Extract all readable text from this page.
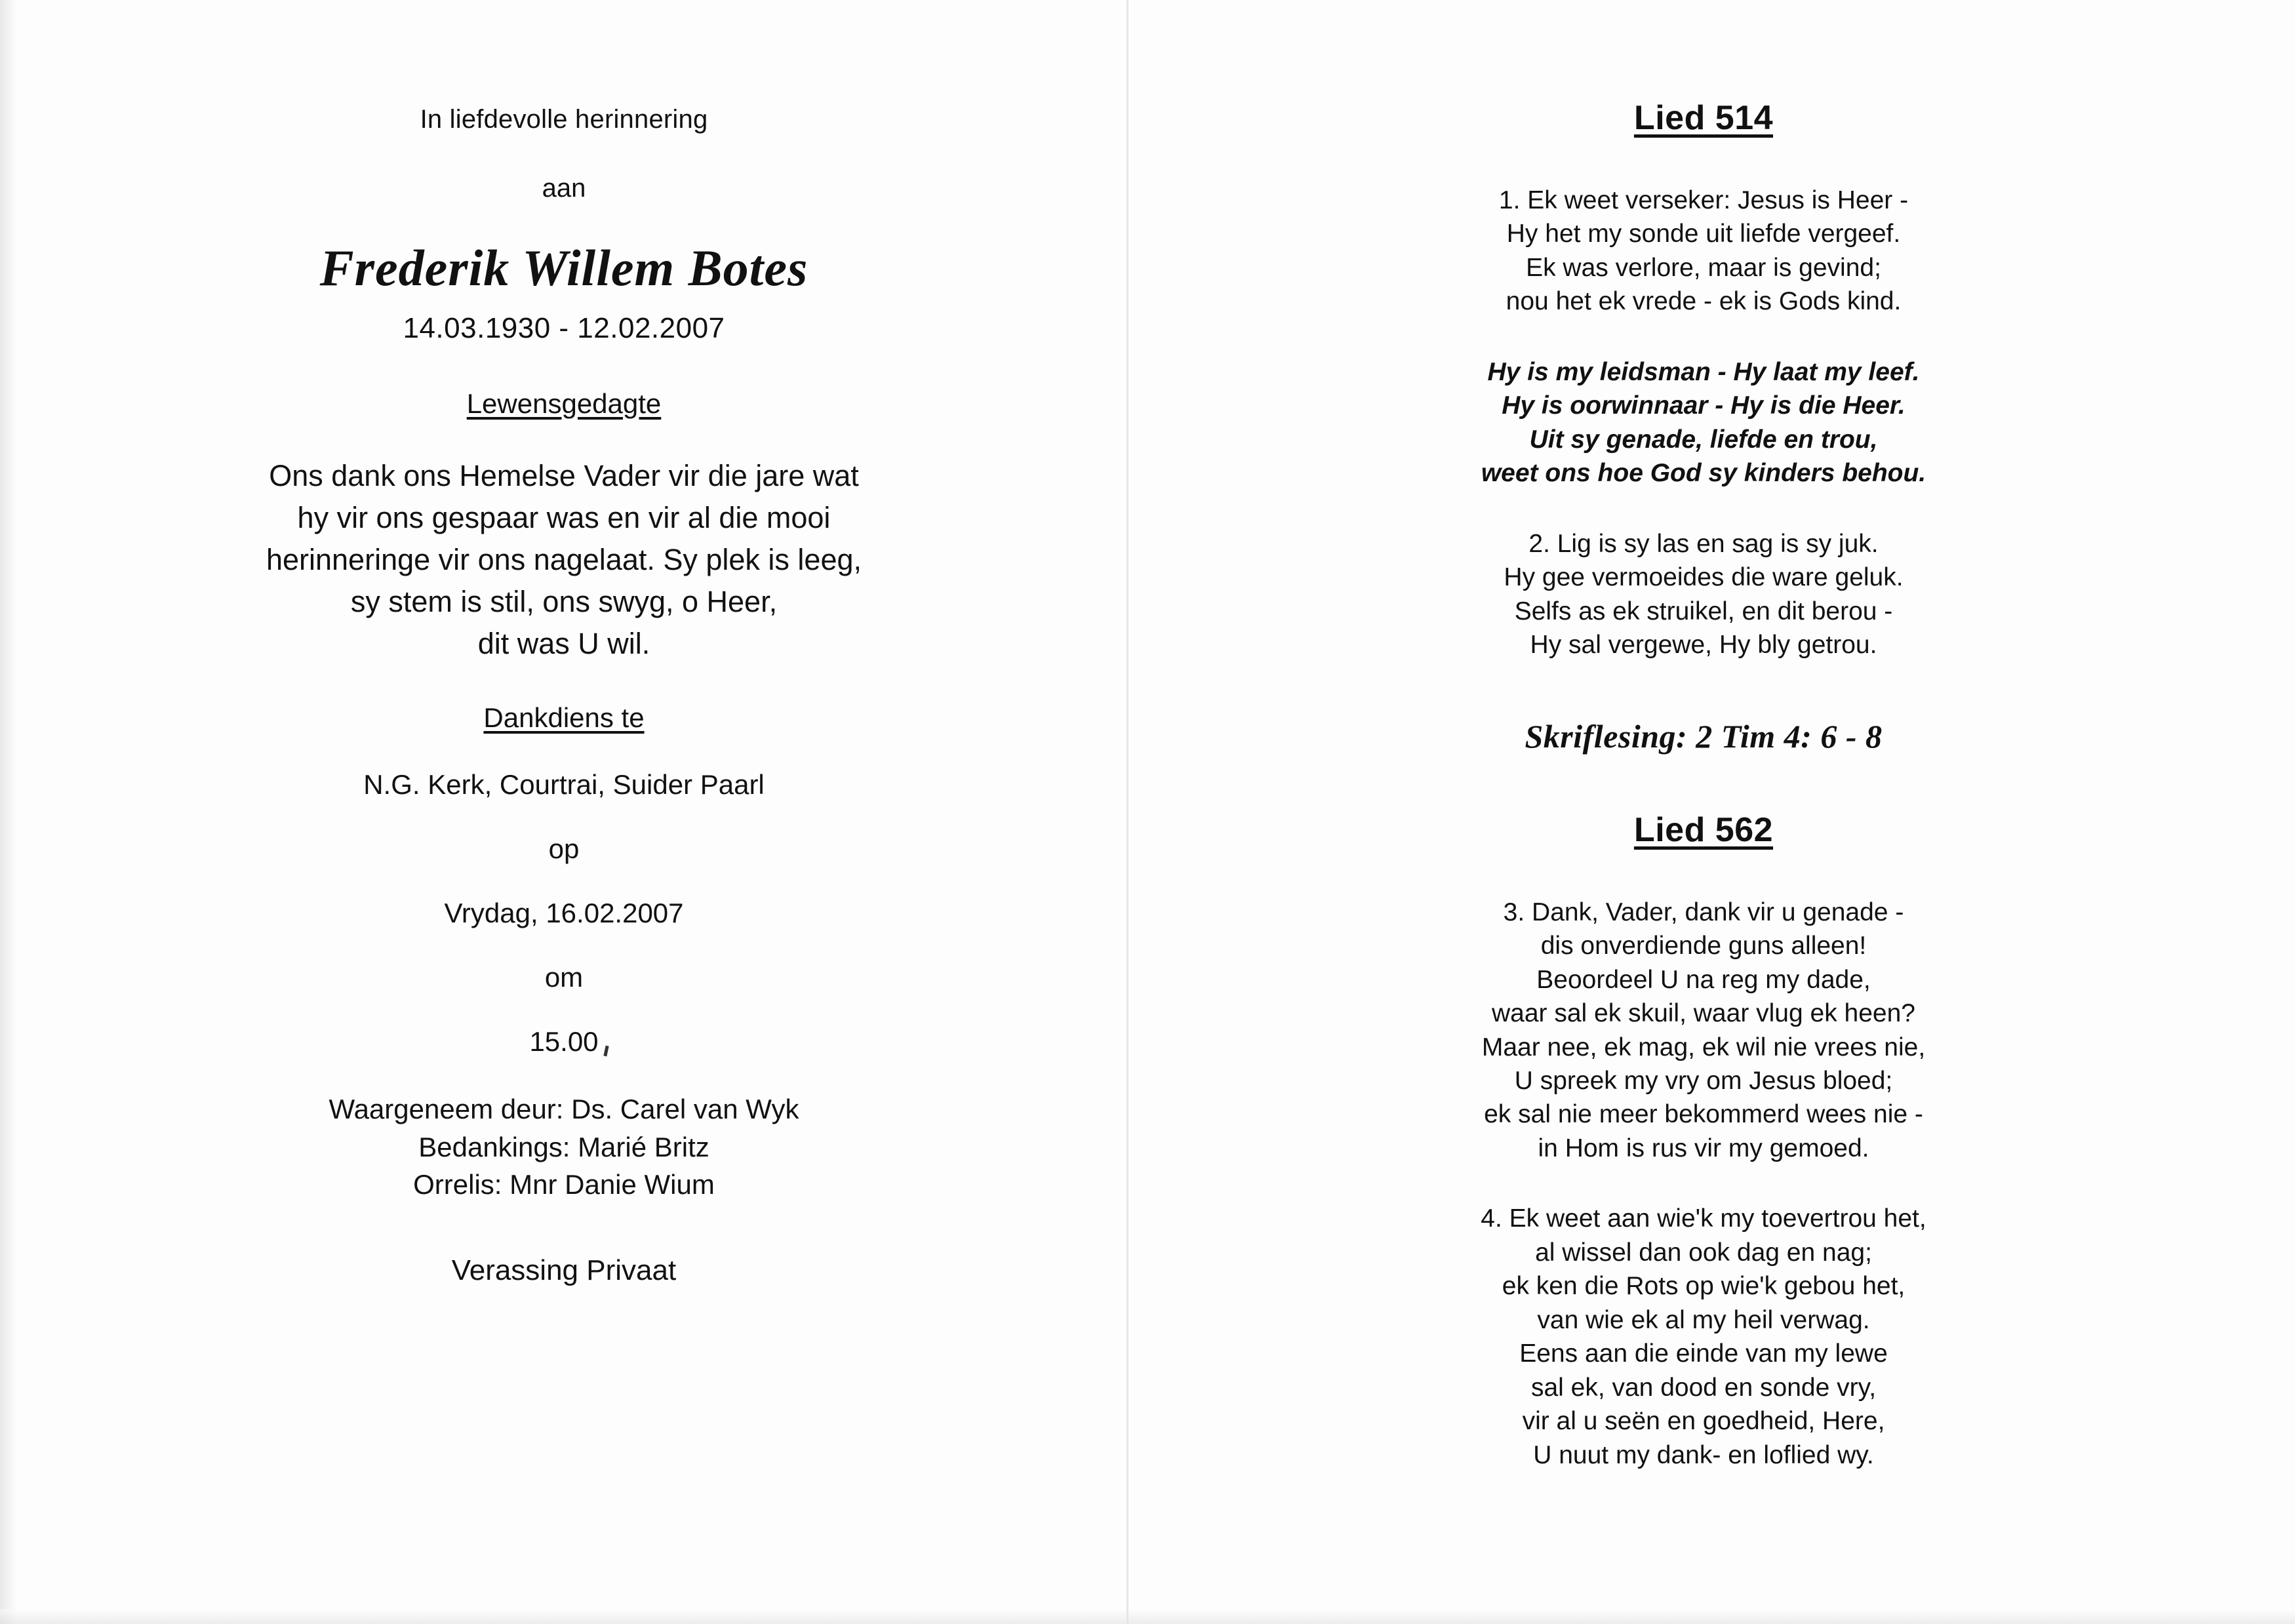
In liefdevolle herinnering
aan
Frederik Willem Botes
14.03.1930 - 12.02.2007
Lewensgedagte
Ons dank ons Hemelse Vader vir die jare wat
hy vir ons gespaar was en vir al die mooi
herinneringe vir ons nagelaat. Sy plek is leeg,
sy stem is stil, ons swyg, o Heer,
dit was U wil.
Dankdiens te
N.G. Kerk, Courtrai, Suider Paarl
op
Vrydag, 16.02.2007
om
15.00
Waargeneem deur: Ds. Carel van Wyk
Bedankings: Marié Britz
Orrelis: Mnr Danie Wium
Verassing Privaat
Lied 514
1. Ek weet verseker: Jesus is Heer -
Hy het my sonde uit liefde vergeef.
Ek was verlore, maar is gevind;
nou het ek vrede - ek is Gods kind.
Hy is my leidsman - Hy laat my leef.
Hy is oorwinnaar - Hy is die Heer.
Uit sy genade, liefde en trou,
weet ons hoe God sy kinders behou.
2. Lig is sy las en sag is sy juk.
Hy gee vermoeides die ware geluk.
Selfs as ek struikel, en dit berou -
Hy sal vergewe, Hy bly getrou.
Skriflesing: 2 Tim 4: 6 - 8
Lied 562
3. Dank, Vader, dank vir u genade -
dis onverdiende guns alleen!
Beoordeel U na reg my dade,
waar sal ek skuil, waar vlug ek heen?
Maar nee, ek mag, ek wil nie vrees nie,
U spreek my vry om Jesus bloed;
ek sal nie meer bekommerd wees nie -
in Hom is rus vir my gemoed.
4. Ek weet aan wie'k my toevertrou het,
al wissel dan ook dag en nag;
ek ken die Rots op wie'k gebou het,
van wie ek al my heil verwag.
Eens aan die einde van my lewe
sal ek, van dood en sonde vry,
vir al u seën en goedheid, Here,
U nuut my dank- en loflied wy.
